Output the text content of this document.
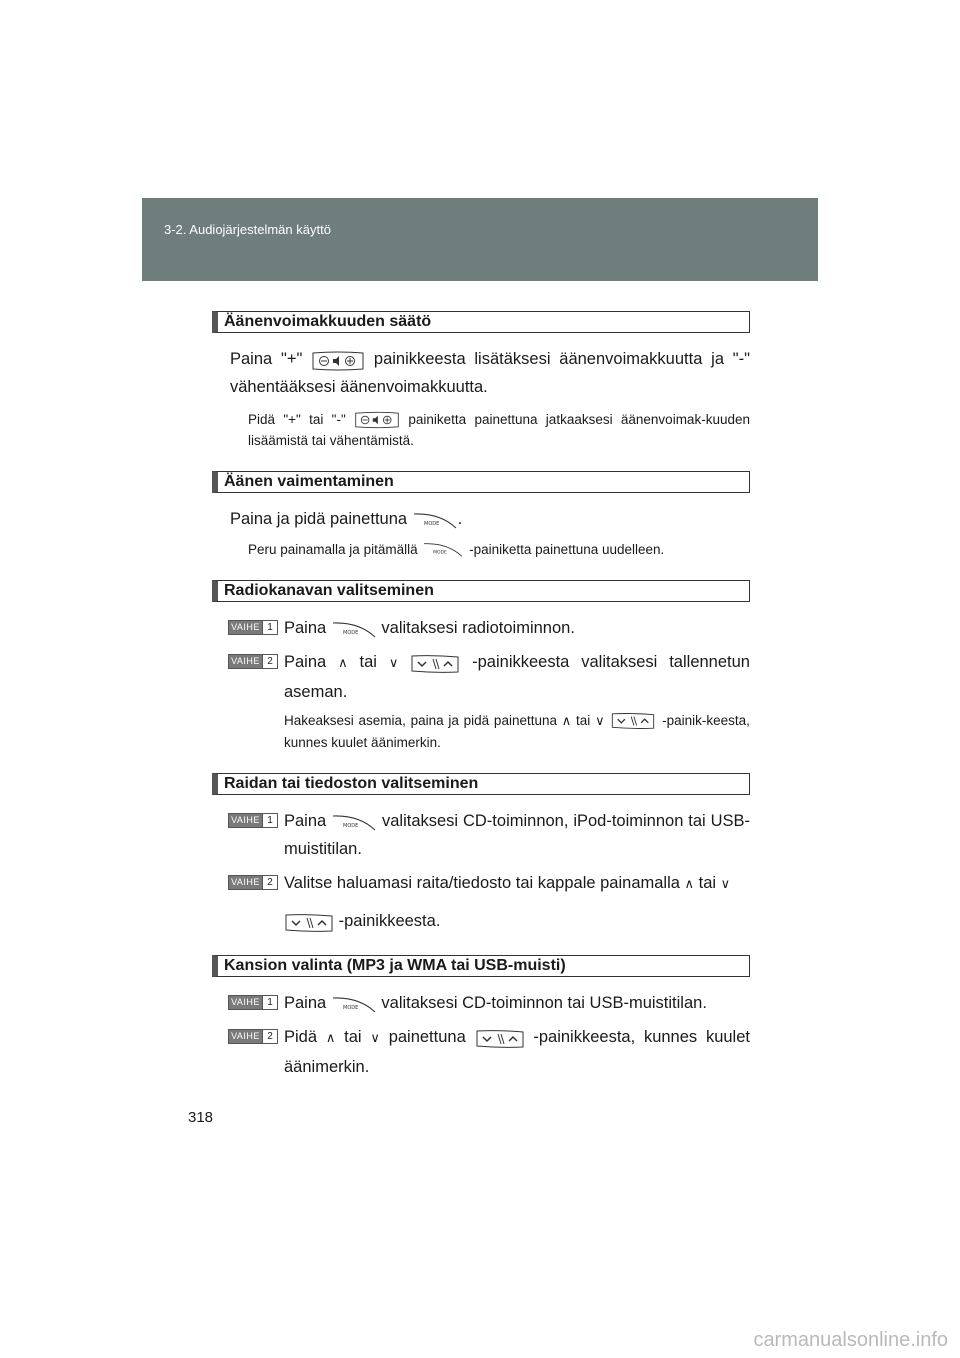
3-2. Audiojärjestelmän käyttö
Äänenvoimakkuuden säätö
Paina "+"	painikkeesta lisätäksesi äänenvoimakkuutta ja "-" vähentääksesi äänenvoimakkuutta.
Pidä "+" tai "-"	painiketta painettuna jatkaaksesi äänenvoimak-kuuden lisäämistä tai vähentämistä.
Äänen vaimentaminen
Paina ja pidä painettuna	MODE .
Peru painamalla ja pitämällä	MODE -painiketta painettuna uudelleen.
Radiokanavan valitseminen
VAIHE 1 Paina	MODE valitaksesi radiotoiminnon.
VAIHE 2 Paina ∧ tai ∨	-painikkeesta valitaksesi tallennetun aseman.
Hakeaksesi asemia, paina ja pidä painettuna ∧ tai ∨	-painik-keesta, kunnes kuulet äänimerkin.
Raidan tai tiedoston valitseminen
VAIHE 1 Paina	MODE valitaksesi CD-toiminnon, iPod-toiminnon tai USB-muistitilan.
VAIHE 2 Valitse haluamasi raita/tiedosto tai kappale painamalla ∧ tai ∨
-painikkeesta.
Kansion valinta (MP3 ja WMA tai USB-muisti)
VAIHE 1 Paina	MODE valitaksesi CD-toiminnon tai USB-muistitilan.
VAIHE 2 Pidä ∧ tai ∨ painettuna	-painikkeesta, kunnes kuulet äänimerkin.
318
carmanualsonline.info
